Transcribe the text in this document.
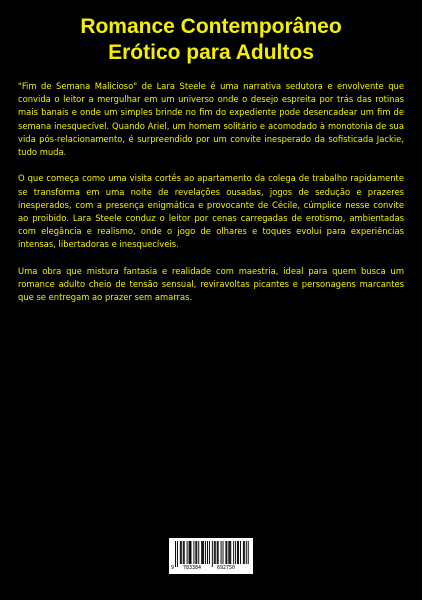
Romance Contemporâneo
Erótico para Adultos

"Fim de Semana Malicioso" de Lara Steele é uma narrativa sedutora e envolvente que convida o leitor a mergulhar em um universo onde o desejo espreita por trás das rotinas mais banais e onde um simples brinde no fim do expediente pode desencadear um fim de semana inesquecível. Quando Ariel, um homem solitário e acomodado à monotonia de sua vida pós-relacionamento, é surpreendido por um convite inesperado da sofisticada Jackie, tudo muda.

O que começa como uma visita cortês ao apartamento da colega de trabalho rapidamente se transforma em uma noite de revelações ousadas, jogos de sedução e prazeres inesperados, com a presença enigmática e provocante de Cécile, cúmplice nesse convite ao proibido. Lara Steele conduz o leitor por cenas carregadas de erotismo, ambientadas com elegância e realismo, onde o jogo de olhares e toques evolui para experiências intensas, libertadoras e inesquecíveis.

Uma obra que mistura fantasia e realidade com maestria, ideal para quem busca um romance adulto cheio de tensão sensual, reviravoltas picantes e personagens marcantes que se entregam ao prazer sem amarras.

9 783384	692750
